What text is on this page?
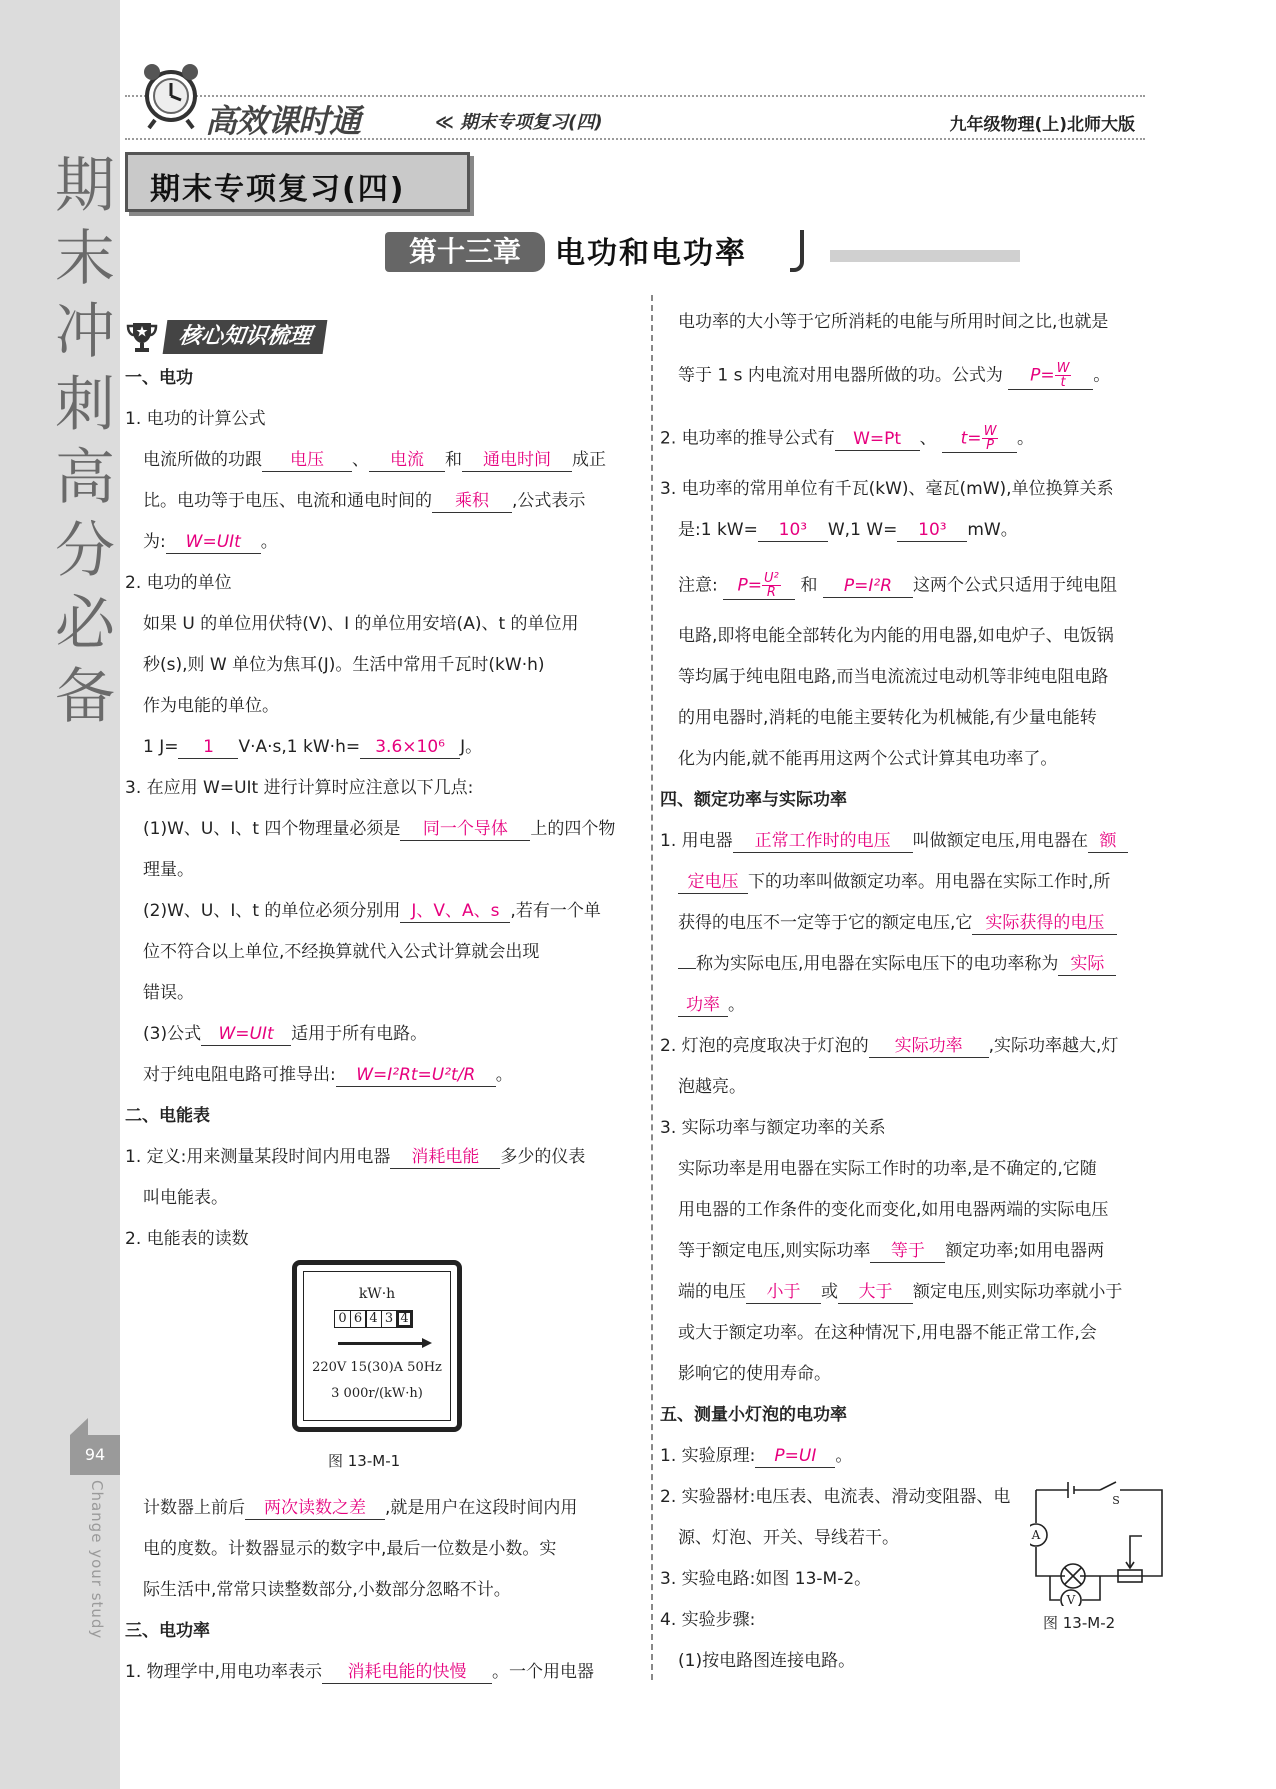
期
末
冲
刺
高
分
必
备
94
Change your study
高效课时通	≪ 期末专项复习(四)	九年级物理(上)北师大版
期末专项复习(四)
第十三章	电功和电功率
核心知识梳理
一、电功
1. 电功的计算公式
电流所做的功跟 电压 、 电流 和 通电时间 成正
比。电功等于电压、电流和通电时间的 乘积 ,公式表示
为: W=UIt 。
2. 电功的单位
如果 U 的单位用伏特(V)、I 的单位用安培(A)、t 的单位用
秒(s),则 W 单位为焦耳(J)。生活中常用千瓦时(kW·h)
作为电能的单位。
1 J= 1 V·A·s,1 kW·h= 3.6×10⁶ J。
3. 在应用 W=UIt 进行计算时应注意以下几点:
(1)W、U、I、t 四个物理量必须是 同一个导体 上的四个物
理量。
(2)W、U、I、t 的单位必须分别用 J、V、A、s ,若有一个单
位不符合以上单位,不经换算就代入公式计算就会出现
错误。
(3)公式 W=UIt 适用于所有电路。
对于纯电阻电路可推导出: W=I²Rt=U²t/R 。
二、电能表
1. 定义:用来测量某段时间内用电器 消耗电能 多少的仪表
叫电能表。
2. 电能表的读数
kW·h
0 6 4 3 4
220V 15(30)A 50Hz
3 000r/(kW·h)
图 13-M-1
计数器上前后 两次读数之差 ,就是用户在这段时间内用
电的度数。计数器显示的数字中,最后一位数是小数。实
际生活中,常常只读整数部分,小数部分忽略不计。
三、电功率
1. 物理学中,用电功率表示 消耗电能的快慢 。一个用电器
电功率的大小等于它所消耗的电能与所用时间之比,也就是
等于 1 s 内电流对用电器所做的功。公式为 $P= \frac{W}{t}$ 。
2. 电功率的推导公式有 W=Pt 、 $t= \frac{W}{P}$ 。
3. 电功率的常用单位有千瓦(kW)、毫瓦(mW),单位换算关系
是:1 kW= 10³ W,1 W= 10³ mW。
注意: $P= \frac{\text{U²}}{R}$ 和 P=I²R 这两个公式只适用于纯电阻
电路,即将电能全部转化为内能的用电器,如电炉子、电饭锅
等均属于纯电阻电路,而当电流流过电动机等非纯电阻电路
的用电器时,消耗的电能主要转化为机械能,有少量电能转
化为内能,就不能再用这两个公式计算其电功率了。
四、额定功率与实际功率
1. 用电器 正常工作时的电压 叫做额定电压,用电器在 额
定电压 下的功率叫做额定功率。用电器在实际工作时,所
获得的电压不一定等于它的额定电压,它 实际获得的电压
称为实际电压,用电器在实际电压下的电功率称为 实际
功率 。
2. 灯泡的亮度取决于灯泡的 实际功率 ,实际功率越大,灯
泡越亮。
3. 实际功率与额定功率的关系
实际功率是用电器在实际工作时的功率,是不确定的,它随
用电器的工作条件的变化而变化,如用电器两端的实际电压
等于额定电压,则实际功率 等于 额定功率;如用电器两
端的电压 小于 或 大于 额定电压,则实际功率就小于
或大于额定功率。在这种情况下,用电器不能正常工作,会
影响它的使用寿命。
五、测量小灯泡的电功率
1. 实验原理: P=UI 。
2. 实验器材:电压表、电流表、滑动变阻器、电
源、灯泡、开关、导线若干。
3. 实验电路:如图 13-M-2。
4. 实验步骤:
(1)按电路图连接电路。
A
V
S
图 13-M-2
